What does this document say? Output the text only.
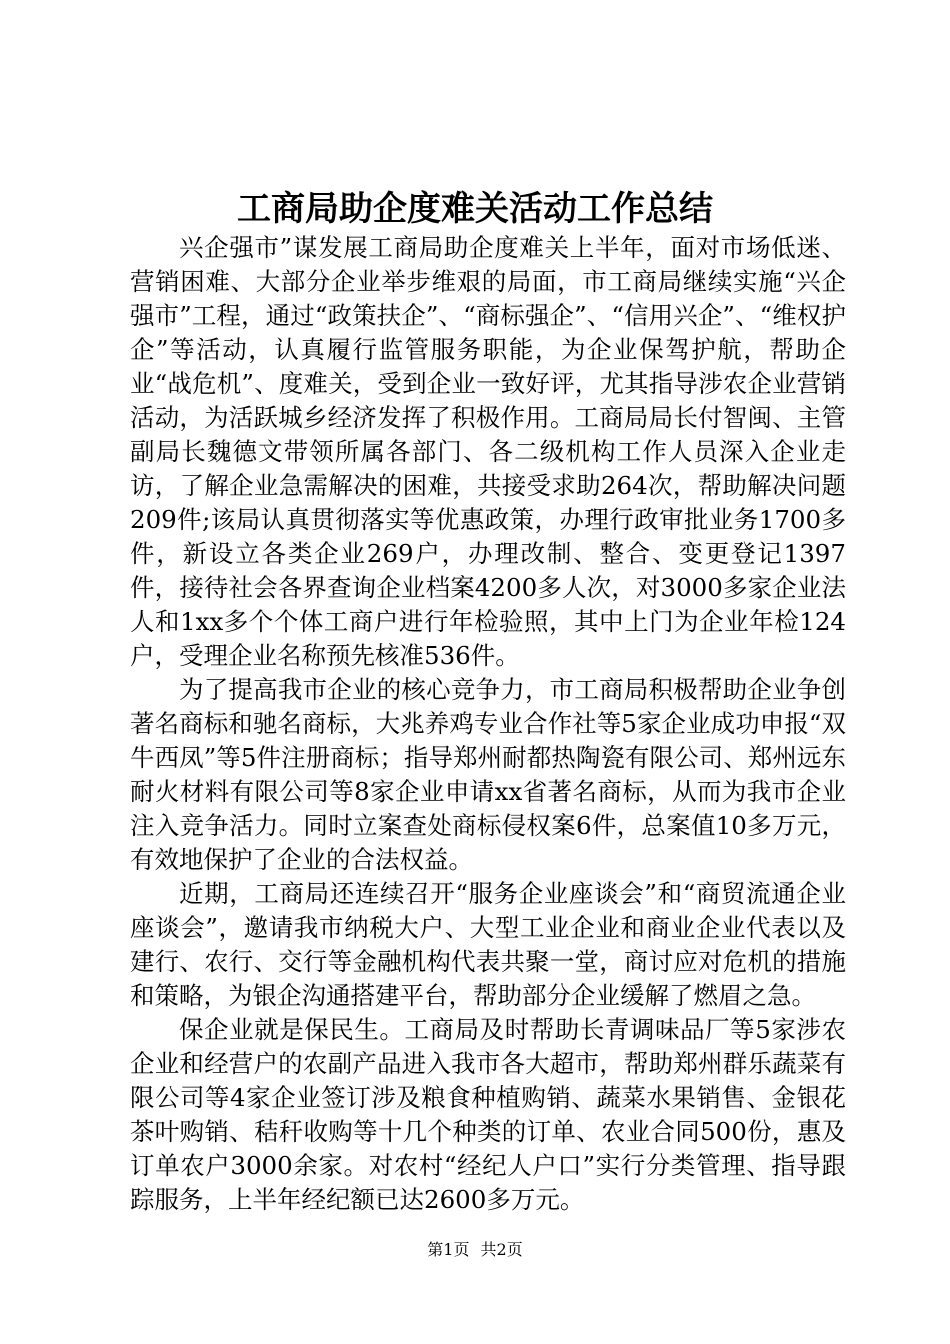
工商局助企度难关活动工作总结

兴企强市”谋发展工商局助企度难关上半年，面对市场低迷、营销困难、大部分企业举步维艰的局面，市工商局继续实施“兴企强市”工程，通过“政策扶企”、“商标强企”、“信用兴企”、“维权护企”等活动，认真履行监管服务职能，为企业保驾护航，帮助企业“战危机”、度难关，受到企业一致好评，尤其指导涉农企业营销活动，为活跃城乡经济发挥了积极作用。工商局局长付智闽、主管副局长魏德文带领所属各部门、各二级机构工作人员深入企业走访，了解企业急需解决的困难，共接受求助264次，帮助解决问题209件;该局认真贯彻落实等优惠政策，办理行政审批业务1700多件，新设立各类企业269户，办理改制、整合、变更登记1397件，接待社会各界查询企业档案4200多人次，对3000多家企业法人和1xx多个个体工商户进行年检验照，其中上门为企业年检124户，受理企业名称预先核准536件。

为了提高我市企业的核心竞争力，市工商局积极帮助企业争创著名商标和驰名商标，大兆养鸡专业合作社等5家企业成功申报“双牛西凤”等5件注册商标；指导郑州耐都热陶瓷有限公司、郑州远东耐火材料有限公司等8家企业申请xx省著名商标，从而为我市企业注入竞争活力。同时立案查处商标侵权案6件，总案值10多万元，有效地保护了企业的合法权益。

近期，工商局还连续召开“服务企业座谈会”和“商贸流通企业座谈会”，邀请我市纳税大户、大型工业企业和商业企业代表以及建行、农行、交行等金融机构代表共聚一堂，商讨应对危机的措施和策略，为银企沟通搭建平台，帮助部分企业缓解了燃眉之急。

保企业就是保民生。工商局及时帮助长青调味品厂等5家涉农企业和经营户的农副产品进入我市各大超市，帮助郑州群乐蔬菜有限公司等4家企业签订涉及粮食种植购销、蔬菜水果销售、金银花茶叶购销、秸秆收购等十几个种类的订单、农业合同500份，惠及订单农户3000余家。对农村“经纪人户口”实行分类管理、指导跟踪服务，上半年经纪额已达2600多万元。

第1页 共2页
